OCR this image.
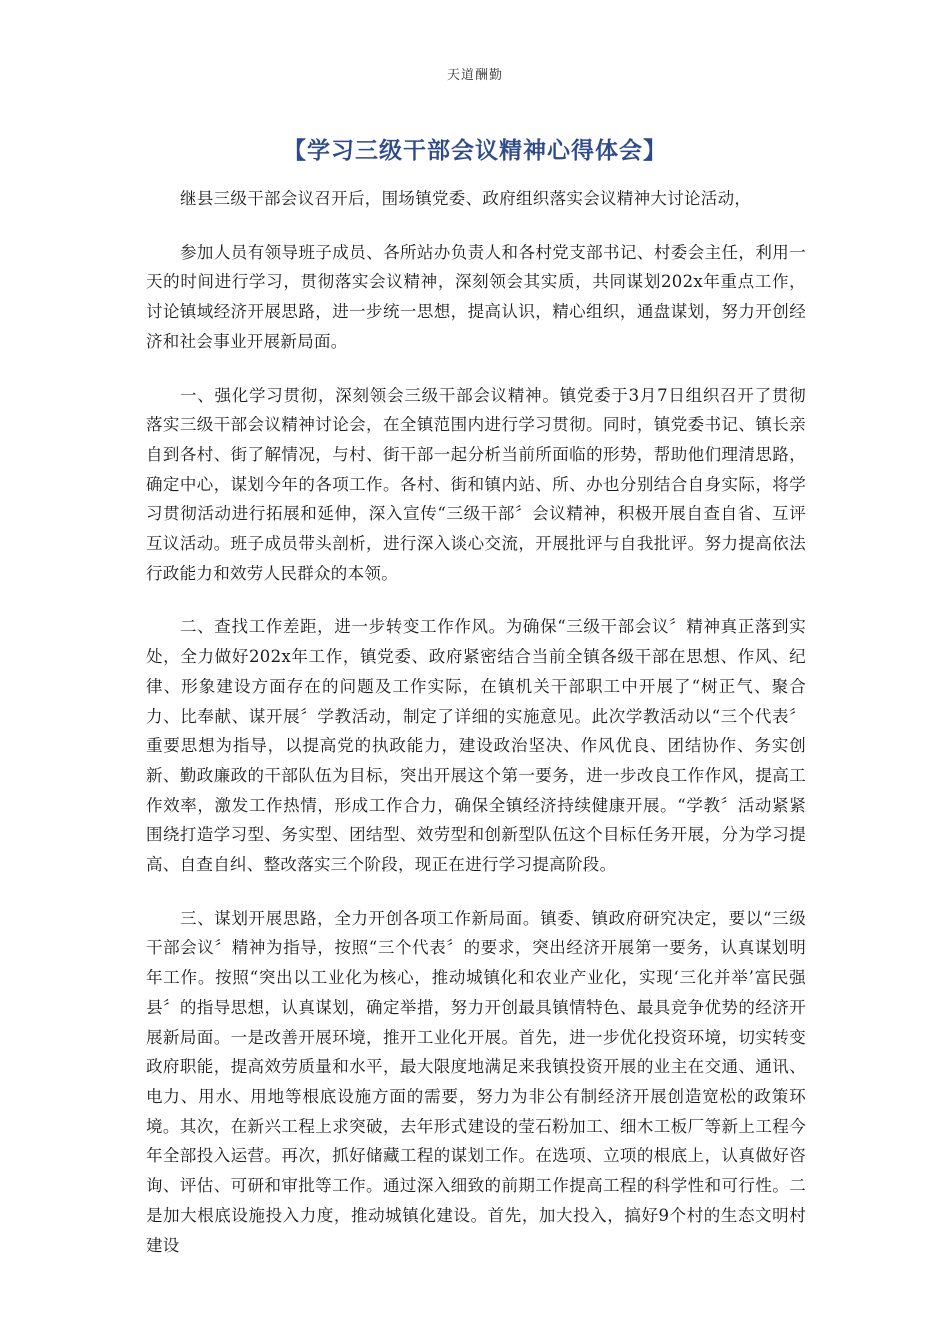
天道酬勤
【学习三级干部会议精神心得体会】

继县三级干部会议召开后，围场镇党委、政府组织落实会议精神大讨论活动，

参加人员有领导班子成员、各所站办负责人和各村党支部书记、村委会主任，利用一天的时间进行学习，贯彻落实会议精神，深刻领会其实质，共同谋划202x年重点工作，讨论镇域经济开展思路，进一步统一思想，提高认识，精心组织，通盘谋划，努力开创经济和社会事业开展新局面。

一、强化学习贯彻，深刻领会三级干部会议精神。镇党委于3月7日组织召开了贯彻落实三级干部会议精神讨论会，在全镇范围内进行学习贯彻。同时，镇党委书记、镇长亲自到各村、街了解情况，与村、街干部一起分析当前所面临的形势，帮助他们理清思路，确定中心，谋划今年的各项工作。各村、街和镇内站、所、办也分别结合自身实际，将学习贯彻活动进行拓展和延伸，深入宣传“三级干部〞会议精神，积极开展自查自省、互评互议活动。班子成员带头剖析，进行深入谈心交流，开展批评与自我批评。努力提高依法行政能力和效劳人民群众的本领。

二、查找工作差距，进一步转变工作作风。为确保“三级干部会议〞精神真正落到实处，全力做好202x年工作，镇党委、政府紧密结合当前全镇各级干部在思想、作风、纪律、形象建设方面存在的问题及工作实际，在镇机关干部职工中开展了“树正气、聚合力、比奉献、谋开展〞学教活动，制定了详细的实施意见。此次学教活动以“三个代表〞重要思想为指导，以提高党的执政能力，建设政治坚决、作风优良、团结协作、务实创新、勤政廉政的干部队伍为目标，突出开展这个第一要务，进一步改良工作作风，提高工作效率，激发工作热情，形成工作合力，确保全镇经济持续健康开展。“学教〞活动紧紧围绕打造学习型、务实型、团结型、效劳型和创新型队伍这个目标任务开展，分为学习提高、自查自纠、整改落实三个阶段，现正在进行学习提高阶段。

三、谋划开展思路，全力开创各项工作新局面。镇委、镇政府研究决定，要以“三级干部会议〞精神为指导，按照“三个代表〞的要求，突出经济开展第一要务，认真谋划明年工作。按照“突出以工业化为核心，推动城镇化和农业产业化，实现‘三化并举’富民强县〞的指导思想，认真谋划，确定举措，努力开创最具镇情特色、最具竞争优势的经济开展新局面。一是改善开展环境，推开工业化开展。首先，进一步优化投资环境，切实转变政府职能，提高效劳质量和水平，最大限度地满足来我镇投资开展的业主在交通、通讯、电力、用水、用地等根底设施方面的需要，努力为非公有制经济开展创造宽松的政策环境。其次，在新兴工程上求突破，去年形式建设的莹石粉加工、细木工板厂等新上工程今年全部投入运营。再次，抓好储藏工程的谋划工作。在选项、立项的根底上，认真做好咨询、评估、可研和审批等工作。通过深入细致的前期工作提高工程的科学性和可行性。二是加大根底设施投入力度，推动城镇化建设。首先，加大投入，搞好9个村的生态文明村建设
